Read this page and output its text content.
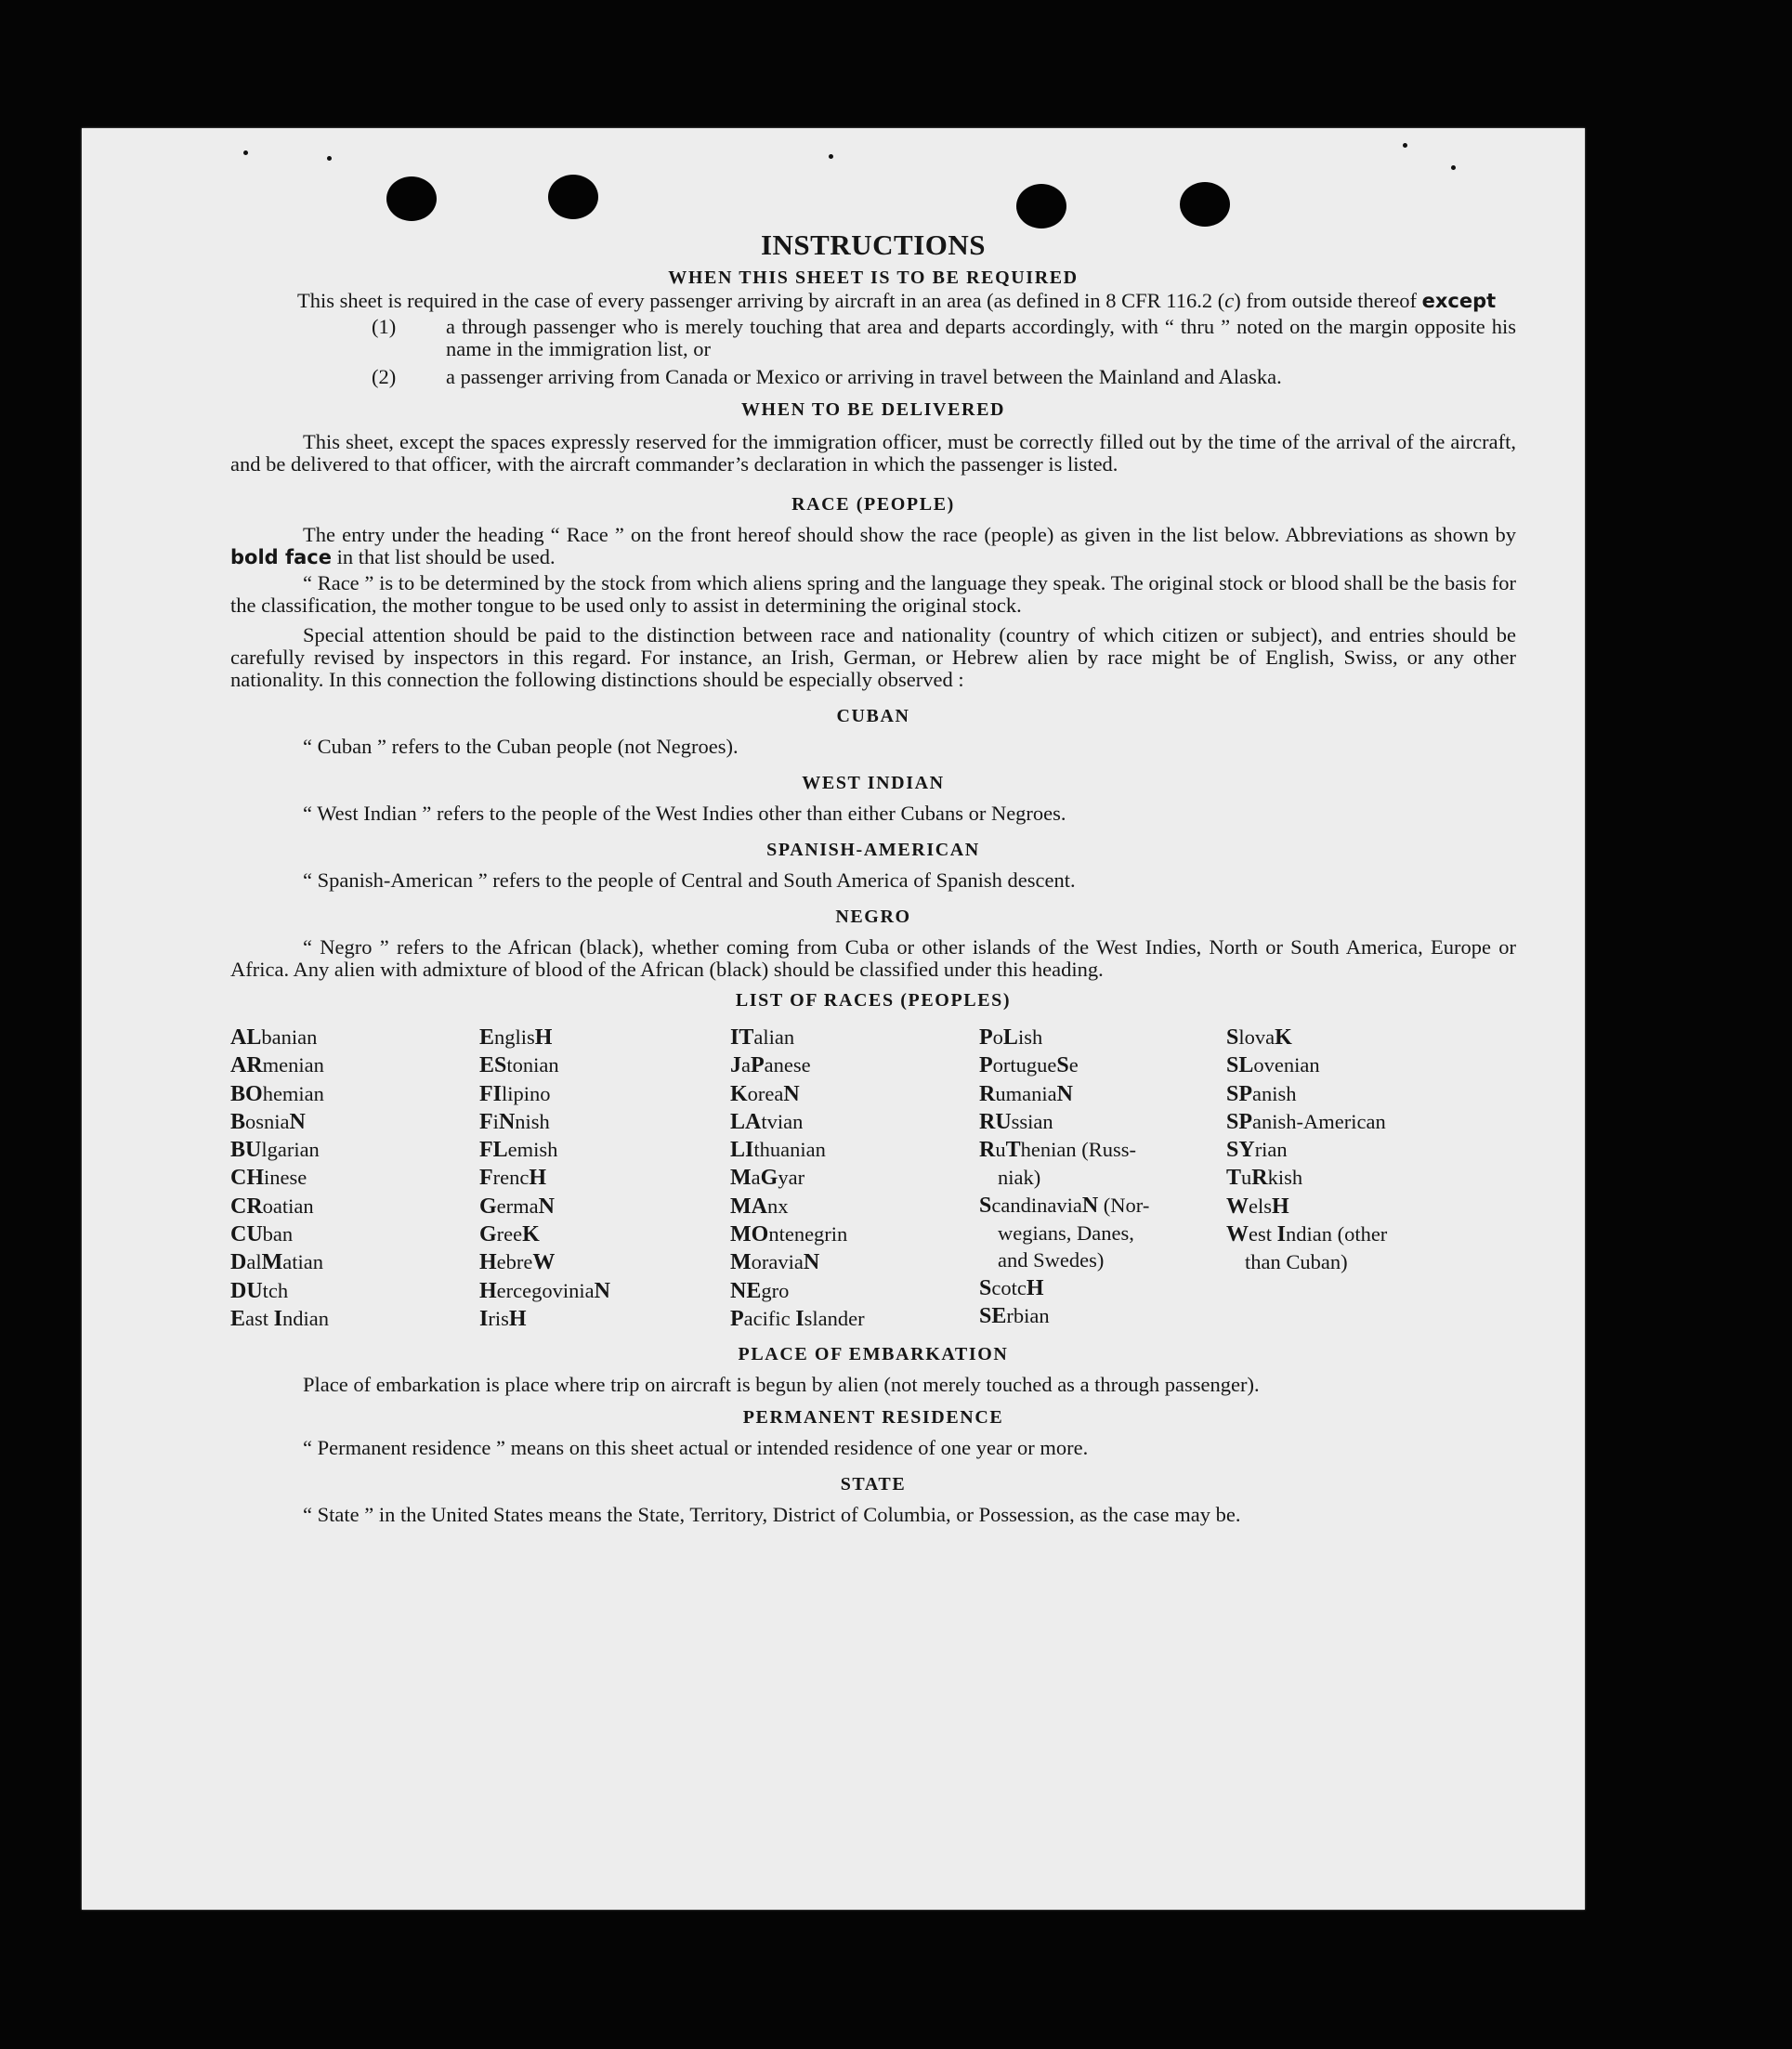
INSTRUCTIONS
WHEN THIS SHEET IS TO BE REQUIRED

This sheet is required in the case of every passenger arriving by aircraft in an area (as defined in 8 CFR 116.2 (c) from outside thereof except

(1) a through passenger who is merely touching that area and departs accordingly, with “ thru ” noted on the margin opposite his name in the immigration list, or
(2) a passenger arriving from Canada or Mexico or arriving in travel between the Mainland and Alaska.
WHEN TO BE DELIVERED

This sheet, except the spaces expressly reserved for the immigration officer, must be correctly filled out by the time of the arrival of the aircraft, and be delivered to that officer, with the aircraft commander’s declaration in which the passenger is listed.

RACE (PEOPLE)

The entry under the heading “ Race ” on the front hereof should show the race (people) as given in the list below. Abbreviations as shown by bold face in that list should be used.

“ Race ” is to be determined by the stock from which aliens spring and the language they speak. The original stock or blood shall be the basis for the classification, the mother tongue to be used only to assist in determining the original stock.

Special attention should be paid to the distinction between race and nationality (country of which citizen or subject), and entries should be carefully revised by inspectors in this regard. For instance, an Irish, German, or Hebrew alien by race might be of English, Swiss, or any other nationality. In this connection the following distinctions should be especially observed :

CUBAN

“ Cuban ” refers to the Cuban people (not Negroes).

WEST INDIAN

“ West Indian ” refers to the people of the West Indies other than either Cubans or Negroes.

SPANISH-AMERICAN

“ Spanish-American ” refers to the people of Central and South America of Spanish descent.

NEGRO

“ Negro ” refers to the African (black), whether coming from Cuba or other islands of the West Indies, North or South America, Europe or Africa. Any alien with admixture of blood of the African (black) should be classified under this heading.

LIST OF RACES (PEOPLES)
ALbanian
ARmenian
BOhemian
BosniaN
BUlgarian
CHinese
CRoatian
CUban
DalMatian
DUtch
East Indian
EnglisH
EStonian
FIlipino
FiNnish
FLemish
FrencH
GermaN
GreeK
HebreW
HercegoviniaN
IrisH
ITalian
JaPanese
KoreaN
LAtvian
LIthuanian
MaGyar
MAnx
MOntenegrin
MoraviaN
NEgro
Pacific Islander
PoLish
PortugueSe
RumaniaN
RUssian
RuThenian (Russ-
niak)
ScandinaviaN (Nor-
wegians, Danes,
and Swedes)
ScotcH
SErbian
SlovaK
SLovenian
SPanish
SPanish-American
SYrian
TuRkish
WelsH
West Indian (other
than Cuban)
PLACE OF EMBARKATION

Place of embarkation is place where trip on aircraft is begun by alien (not merely touched as a through passenger).

PERMANENT RESIDENCE

“ Permanent residence ” means on this sheet actual or intended residence of one year or more.

STATE

“ State ” in the United States means the State, Territory, District of Columbia, or Possession, as the case may be.
